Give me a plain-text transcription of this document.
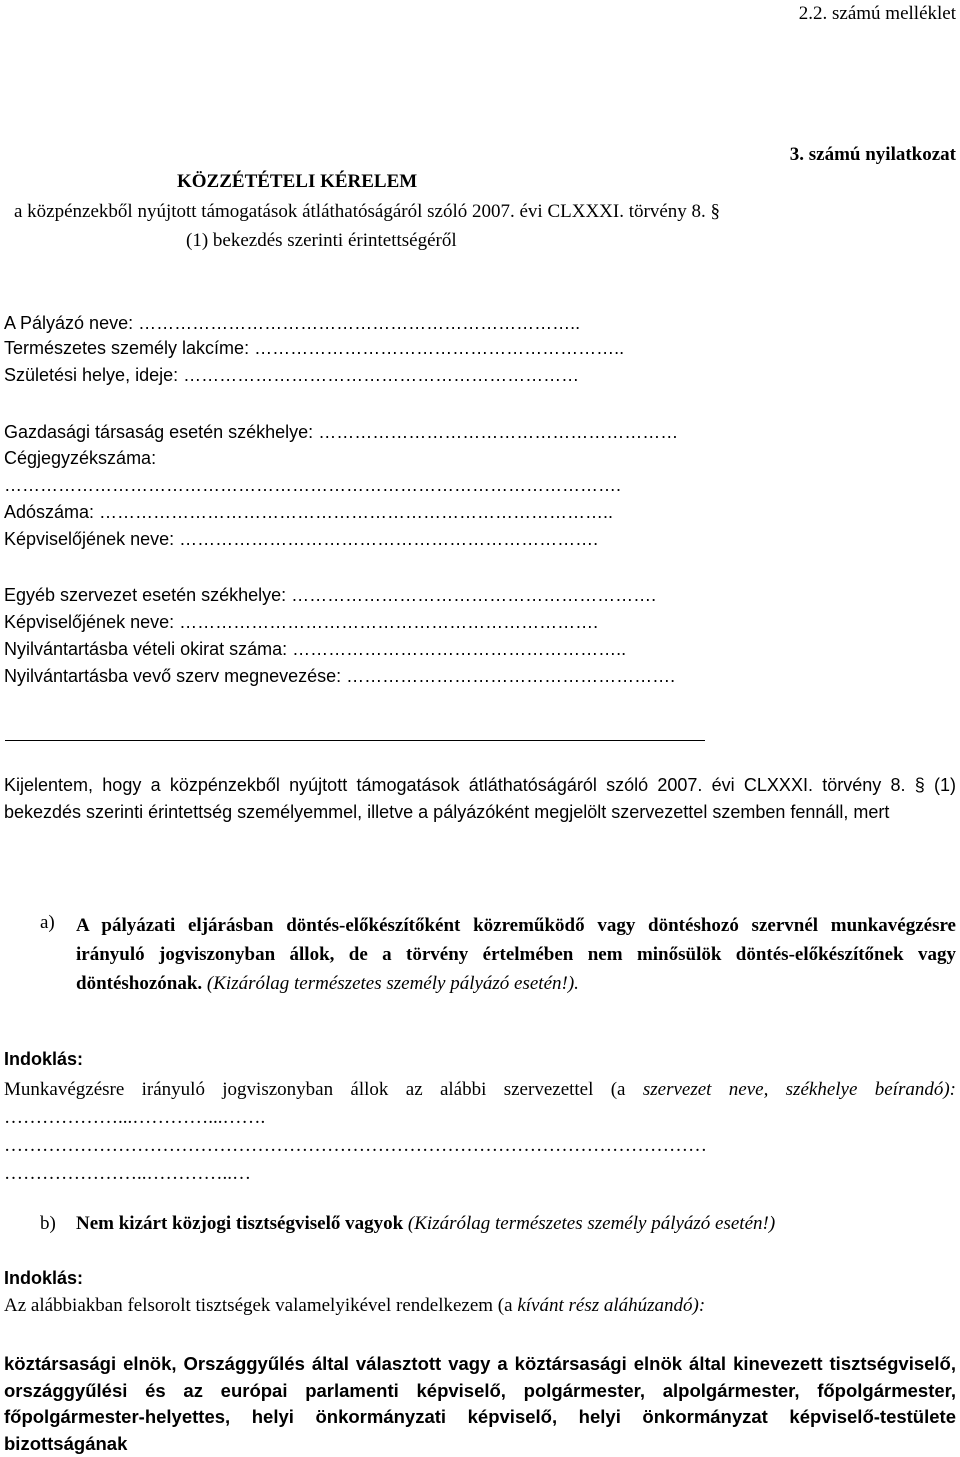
2.2. számú melléklet
3. számú nyilatkozat
KÖZZÉTÉTELI KÉRELEM
a közpénzekből nyújtott támogatások átláthatóságáról szóló 2007. évi CLXXXI. törvény 8. §
(1) bekezdés szerinti érintettségéről
A Pályázó neve: ………………………………………………………………..
Természetes személy lakcíme: ……………………………………………………..
Születési helye, ideje: …………………………………………………………
Gazdasági társaság esetén székhelye: ……………………………………………………
Cégjegyzékszáma:
………………………………………………………………………………………….
Adószáma: …………………………………………………………………………..
Képviselőjének neve: …………………………………………………………….
Egyéb szervezet esetén székhelye: …………………………………………………….
Képviselőjének neve: …………………………………………………………….
Nyilvántartásba vételi okirat száma: ………………………………………………..
Nyilvántartásba vevő szerv megnevezése: ……………………………………………….
Kijelentem, hogy a közpénzekből nyújtott támogatások átláthatóságáról szóló 2007. évi CLXXXI. törvény 8. § (1) bekezdés szerinti érintettség személyemmel, illetve a pályázóként megjelölt szervezettel szemben fennáll, mert
a) A pályázati eljárásban döntés-előkészítőként közreműködő vagy döntéshozó szervnél munkavégzésre irányuló jogviszonyban állok, de a törvény értelmében nem minősülök döntés-előkészítőnek vagy döntéshozónak. (Kizárólag természetes személy pályázó esetén!).
Indoklás:
Munkavégzésre irányuló jogviszonyban állok az alábbi szervezettel (a szervezet neve, székhelye beírandó): ………………...…………...…….
…………………………………………………………………………………………………
…………………..…………..…
b) Nem kizárt közjogi tisztségviselő vagyok (Kizárólag természetes személy pályázó esetén!)
Indoklás:
Az alábbiakban felsorolt tisztségek valamelyikével rendelkezem (a kívánt rész aláhúzandó):
köztársasági elnök, Országgyűlés által választott vagy a köztársasági elnök által kinevezett tisztségviselő, országgyűlési és az európai parlamenti képviselő, polgármester, alpolgármester, főpolgármester, főpolgármester-helyettes, helyi önkormányzati képviselő, helyi önkormányzat képviselő-testülete bizottságának
